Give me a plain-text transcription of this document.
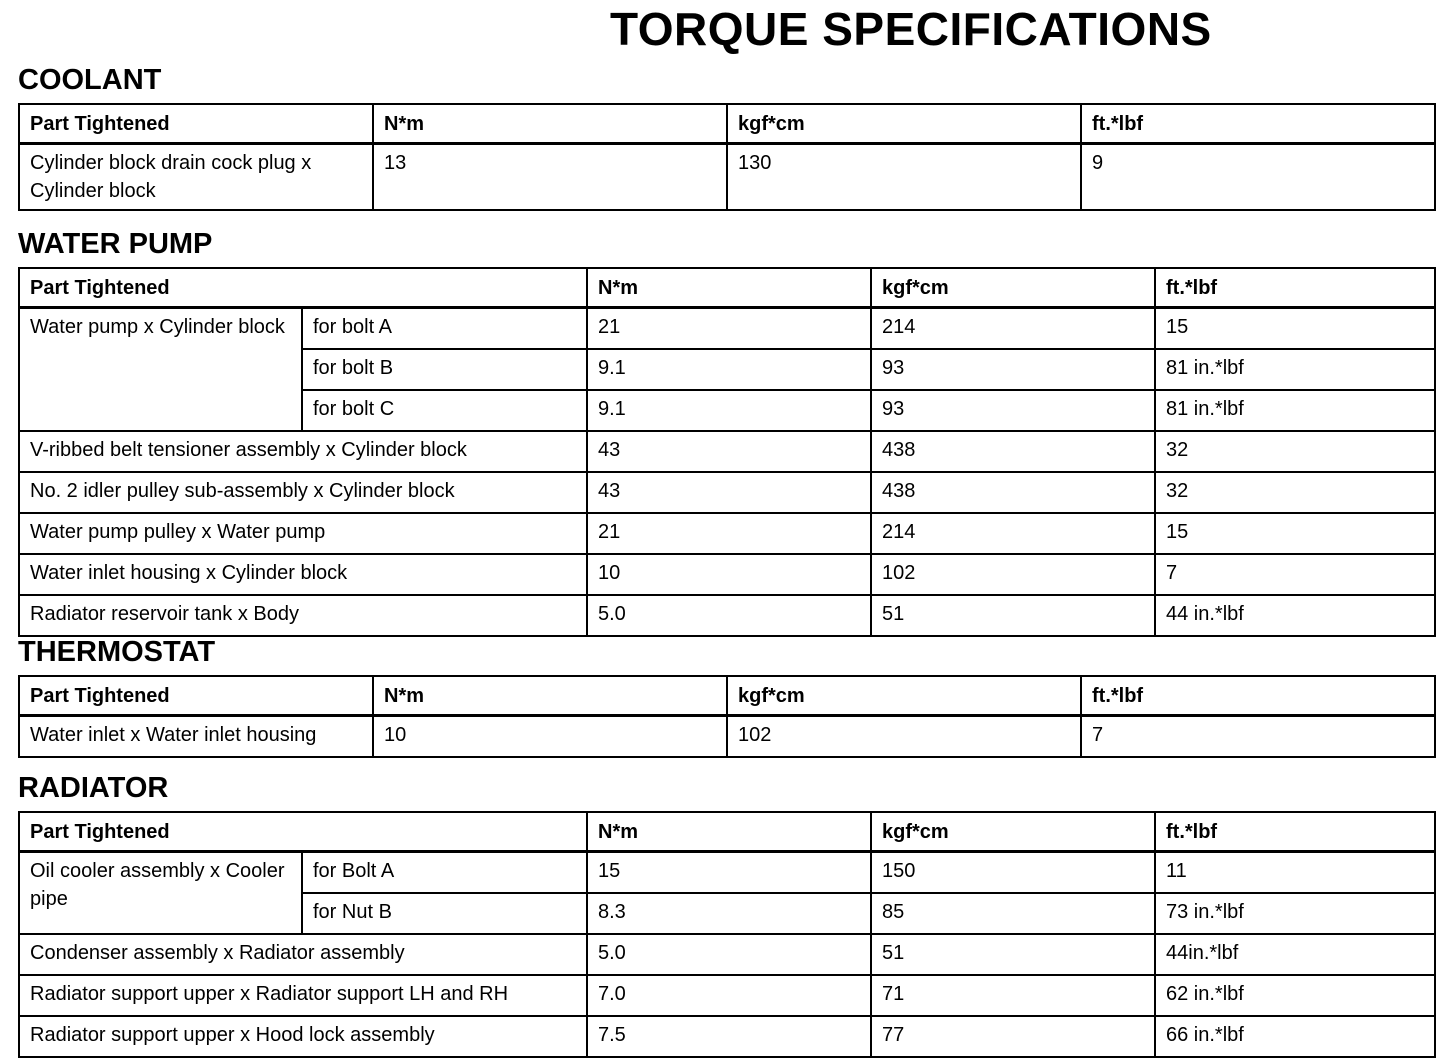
TORQUE SPECIFICATIONS
COOLANT
Part Tightened	N*m	kgf*cm	ft.*lbf
Cylinder block drain cock plug x Cylinder block	13	130	9
WATER PUMP
Part Tightened		N*m	kgf*cm	ft.*lbf
Water pump x Cylinder block	for bolt A	21	214	15
	for bolt B	9.1	93	81 in.*lbf
	for bolt C	9.1	93	81 in.*lbf
V-ribbed belt tensioner assembly x Cylinder block		43	438	32
No. 2 idler pulley sub-assembly x Cylinder block		43	438	32
Water pump pulley x Water pump		21	214	15
Water inlet housing x Cylinder block		10	102	7
Radiator reservoir tank x Body		5.0	51	44 in.*lbf
THERMOSTAT
Part Tightened	N*m	kgf*cm	ft.*lbf
Water inlet x Water inlet housing	10	102	7
RADIATOR
Part Tightened		N*m	kgf*cm	ft.*lbf
Oil cooler assembly x Cooler pipe	for Bolt A	15	150	11
	for Nut B	8.3	85	73 in.*lbf
Condenser assembly x Radiator assembly		5.0	51	44in.*lbf
Radiator support upper x Radiator support LH and RH		7.0	71	62 in.*lbf
Radiator support upper x Hood lock assembly		7.5	77	66 in.*lbf
